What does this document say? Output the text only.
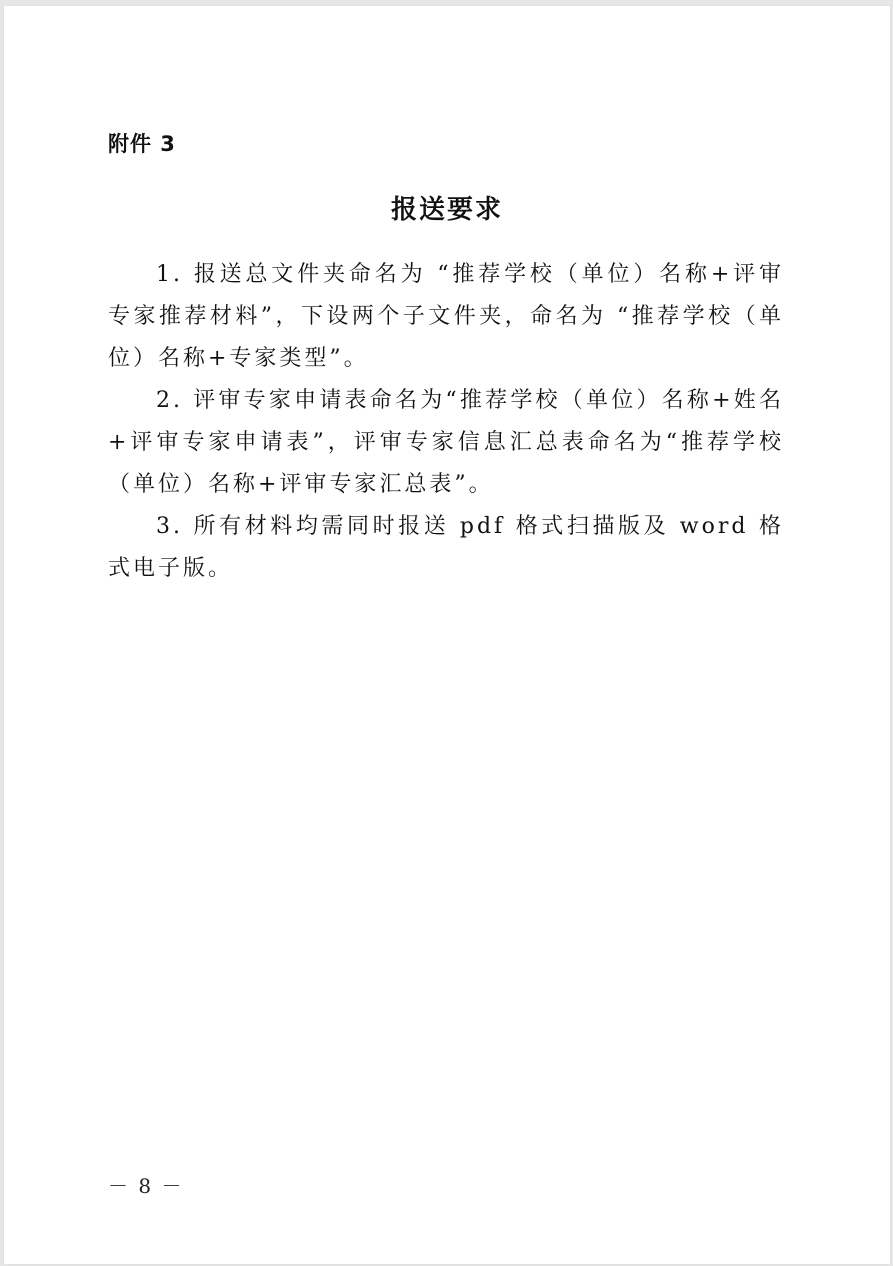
附件 3
报送要求

1. 报送总文件夹命名为 “推荐学校（单位）名称+评审专家推荐材料”，下设两个子文件夹，命名为 “推荐学校（单位）名称+专家类型”。

2. 评审专家申请表命名为“推荐学校（单位）名称+姓名+评审专家申请表”，评审专家信息汇总表命名为“推荐学校（单位）名称+评审专家汇总表”。

3. 所有材料均需同时报送 pdf 格式扫描版及 word 格式电子版。

－ 8 －
